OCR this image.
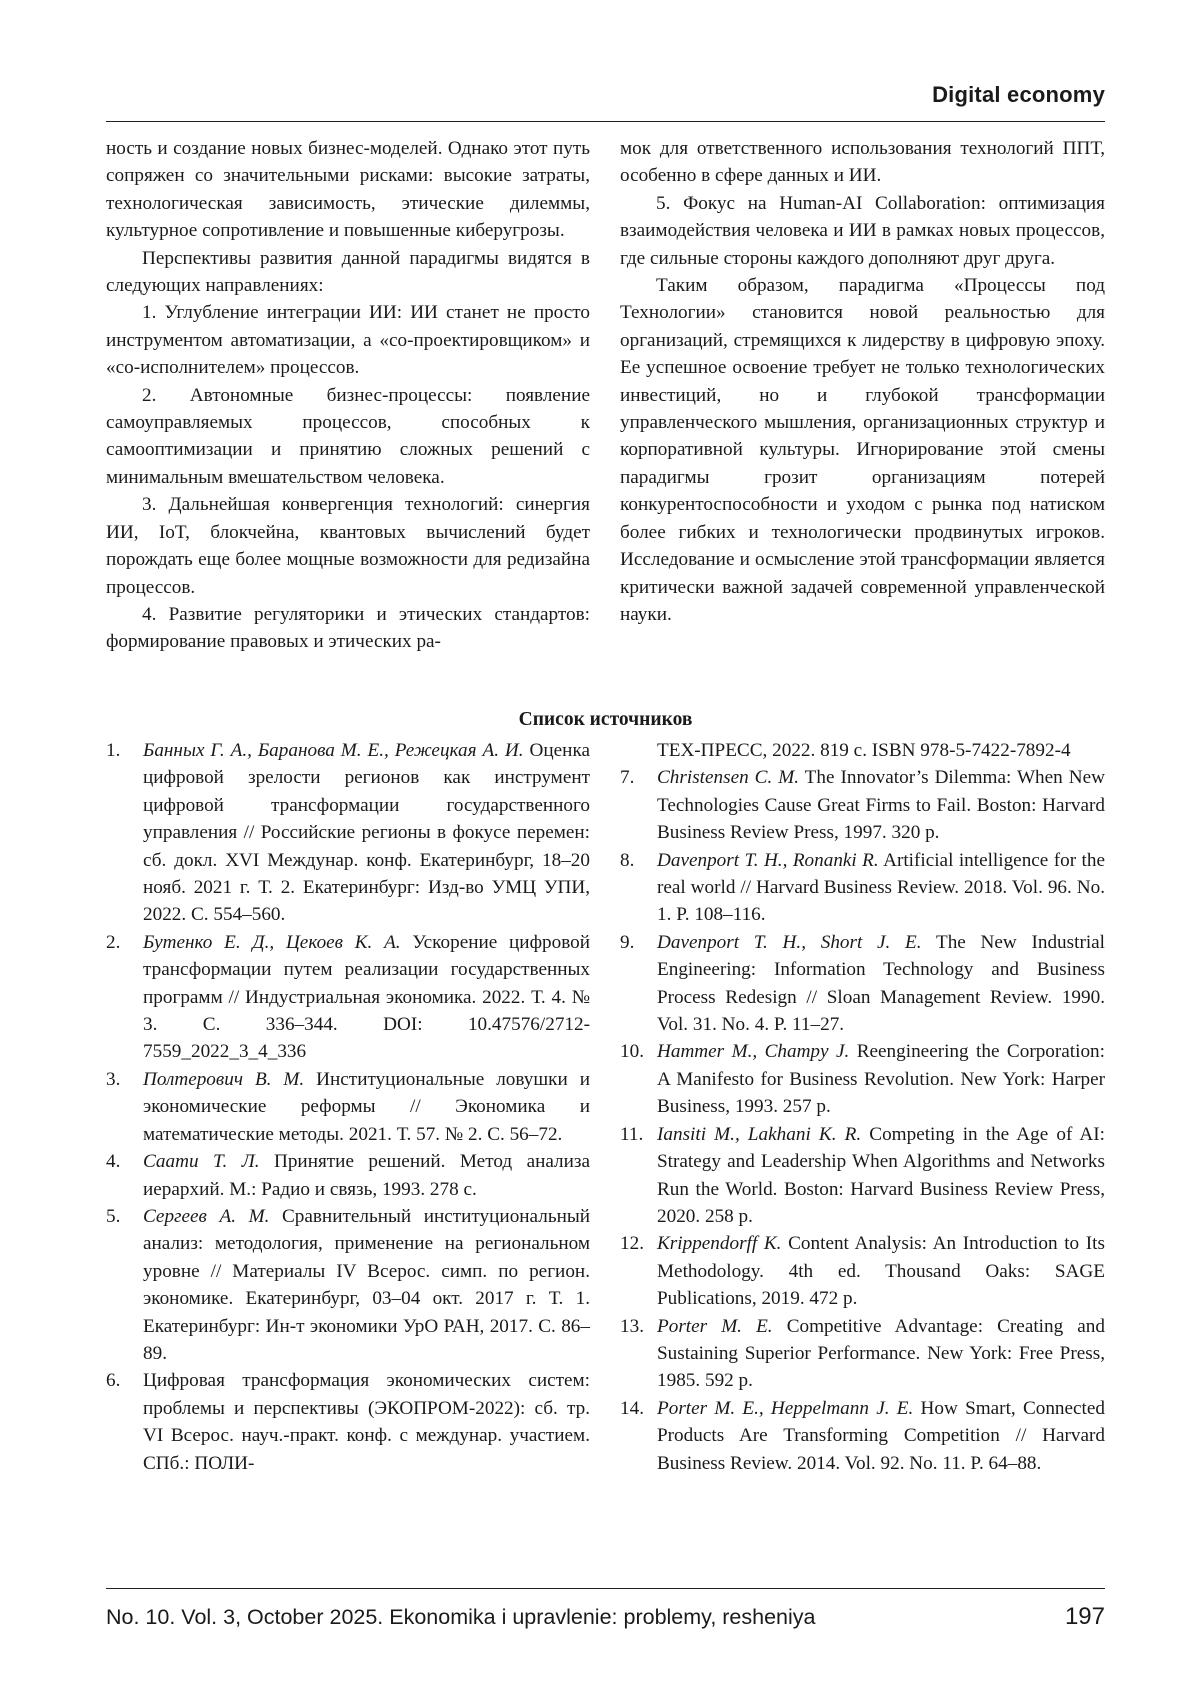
Digital economy

ность и создание новых бизнес-моделей. Однако этот путь сопряжен со значительными рисками: высокие затраты, технологическая зависимость, этические дилеммы, культурное сопротивление и повышенные киберугрозы.

Перспективы развития данной парадигмы видятся в следующих направлениях:

1. Углубление интеграции ИИ: ИИ станет не просто инструментом автоматизации, а «со-проектировщиком» и «со-исполнителем» процессов.

2. Автономные бизнес-процессы: появление самоуправляемых процессов, способных к самооптимизации и принятию сложных решений с минимальным вмешательством человека.

3. Дальнейшая конвергенция технологий: синергия ИИ, IoT, блокчейна, квантовых вычислений будет порождать еще более мощные возможности для редизайна процессов.

4. Развитие регуляторики и этических стандартов: формирование правовых и этических ра-

мок для ответственного использования технологий ППТ, особенно в сфере данных и ИИ.

5. Фокус на Human-AI Collaboration: оптимизация взаимодействия человека и ИИ в рамках новых процессов, где сильные стороны каждого дополняют друг друга.

Таким образом, парадигма «Процессы под Технологии» становится новой реальностью для организаций, стремящихся к лидерству в цифровую эпоху. Ее успешное освоение требует не только технологических инвестиций, но и глубокой трансформации управленческого мышления, организационных структур и корпоративной культуры. Игнорирование этой смены парадигмы грозит организациям потерей конкурентоспособности и уходом с рынка под натиском более гибких и технологически продвинутых игроков. Исследование и осмысление этой трансформации является критически важной задачей современной управленческой науки.

Список источников
1.	Банных Г. А., Баранова М. Е., Режецкая А. И. Оценка цифровой зрелости регионов как инструмент цифровой трансформации государственного управления // Российские регионы в фокусе перемен: сб. докл. XVI Междунар. конф. Екатеринбург, 18–20 нояб. 2021 г. Т. 2. Екатеринбург: Изд-во УМЦ УПИ, 2022. С. 554–560.
2.	Бутенко Е. Д., Цекоев К. А. Ускорение цифровой трансформации путем реализации государственных программ // Индустриальная экономика. 2022. Т. 4. № 3. С. 336–344. DOI: 10.47576/2712-7559_2022_3_4_336
3.	Полтерович В. М. Институциональные ловушки и экономические реформы // Экономика и математические методы. 2021. Т. 57. № 2. С. 56–72.
4.	Саати Т. Л. Принятие решений. Метод анализа иерархий. М.: Радио и связь, 1993. 278 с.
5.	Сергеев А. М. Сравнительный институциональный анализ: методология, применение на региональном уровне // Материалы IV Всерос. симп. по регион. экономике. Екатеринбург, 03–04 окт. 2017 г. Т. 1. Екатеринбург: Ин-т экономики УрО РАН, 2017. С. 86–89.
6.	Цифровая трансформация экономических систем: проблемы и перспективы (ЭКОПРОМ-2022): сб. тр. VI Всерос. науч.-практ. конф. с междунар. участием. СПб.: ПОЛИ-
ТЕХ-ПРЕСС, 2022. 819 с. ISBN 978-5-7422-7892-4
7.	Christensen C. M. The Innovator’s Dilemma: When New Technologies Cause Great Firms to Fail. Boston: Harvard Business Review Press, 1997. 320 p.
8.	Davenport T. H., Ronanki R. Artificial intelligence for the real world // Harvard Business Review. 2018. Vol. 96. No. 1. P. 108–116.
9.	Davenport T. H., Short J. E. The New Industrial Engineering: Information Technology and Business Process Redesign // Sloan Management Review. 1990. Vol. 31. No. 4. P. 11–27.
10. Hammer M., Champy J. Reengineering the Corporation: A Manifesto for Business Revolution. New York: Harper Business, 1993. 257 p.
11. Iansiti M., Lakhani K. R. Competing in the Age of AI: Strategy and Leadership When Algorithms and Networks Run the World. Boston: Harvard Business Review Press, 2020. 258 p.
12. Krippendorff K. Content Analysis: An Introduction to Its Methodology. 4th ed. Thousand Oaks: SAGE Publications, 2019. 472 p.
13. Porter M. E. Competitive Advantage: Creating and Sustaining Superior Performance. New York: Free Press, 1985. 592 p.
14. Porter M. E., Heppelmann J. E. How Smart, Connected Products Are Transforming Competition // Harvard Business Review. 2014. Vol. 92. No. 11. P. 64–88.
No. 10. Vol. 3, October 2025. Ekonomika i upravlenie: problemy, resheniya	197
